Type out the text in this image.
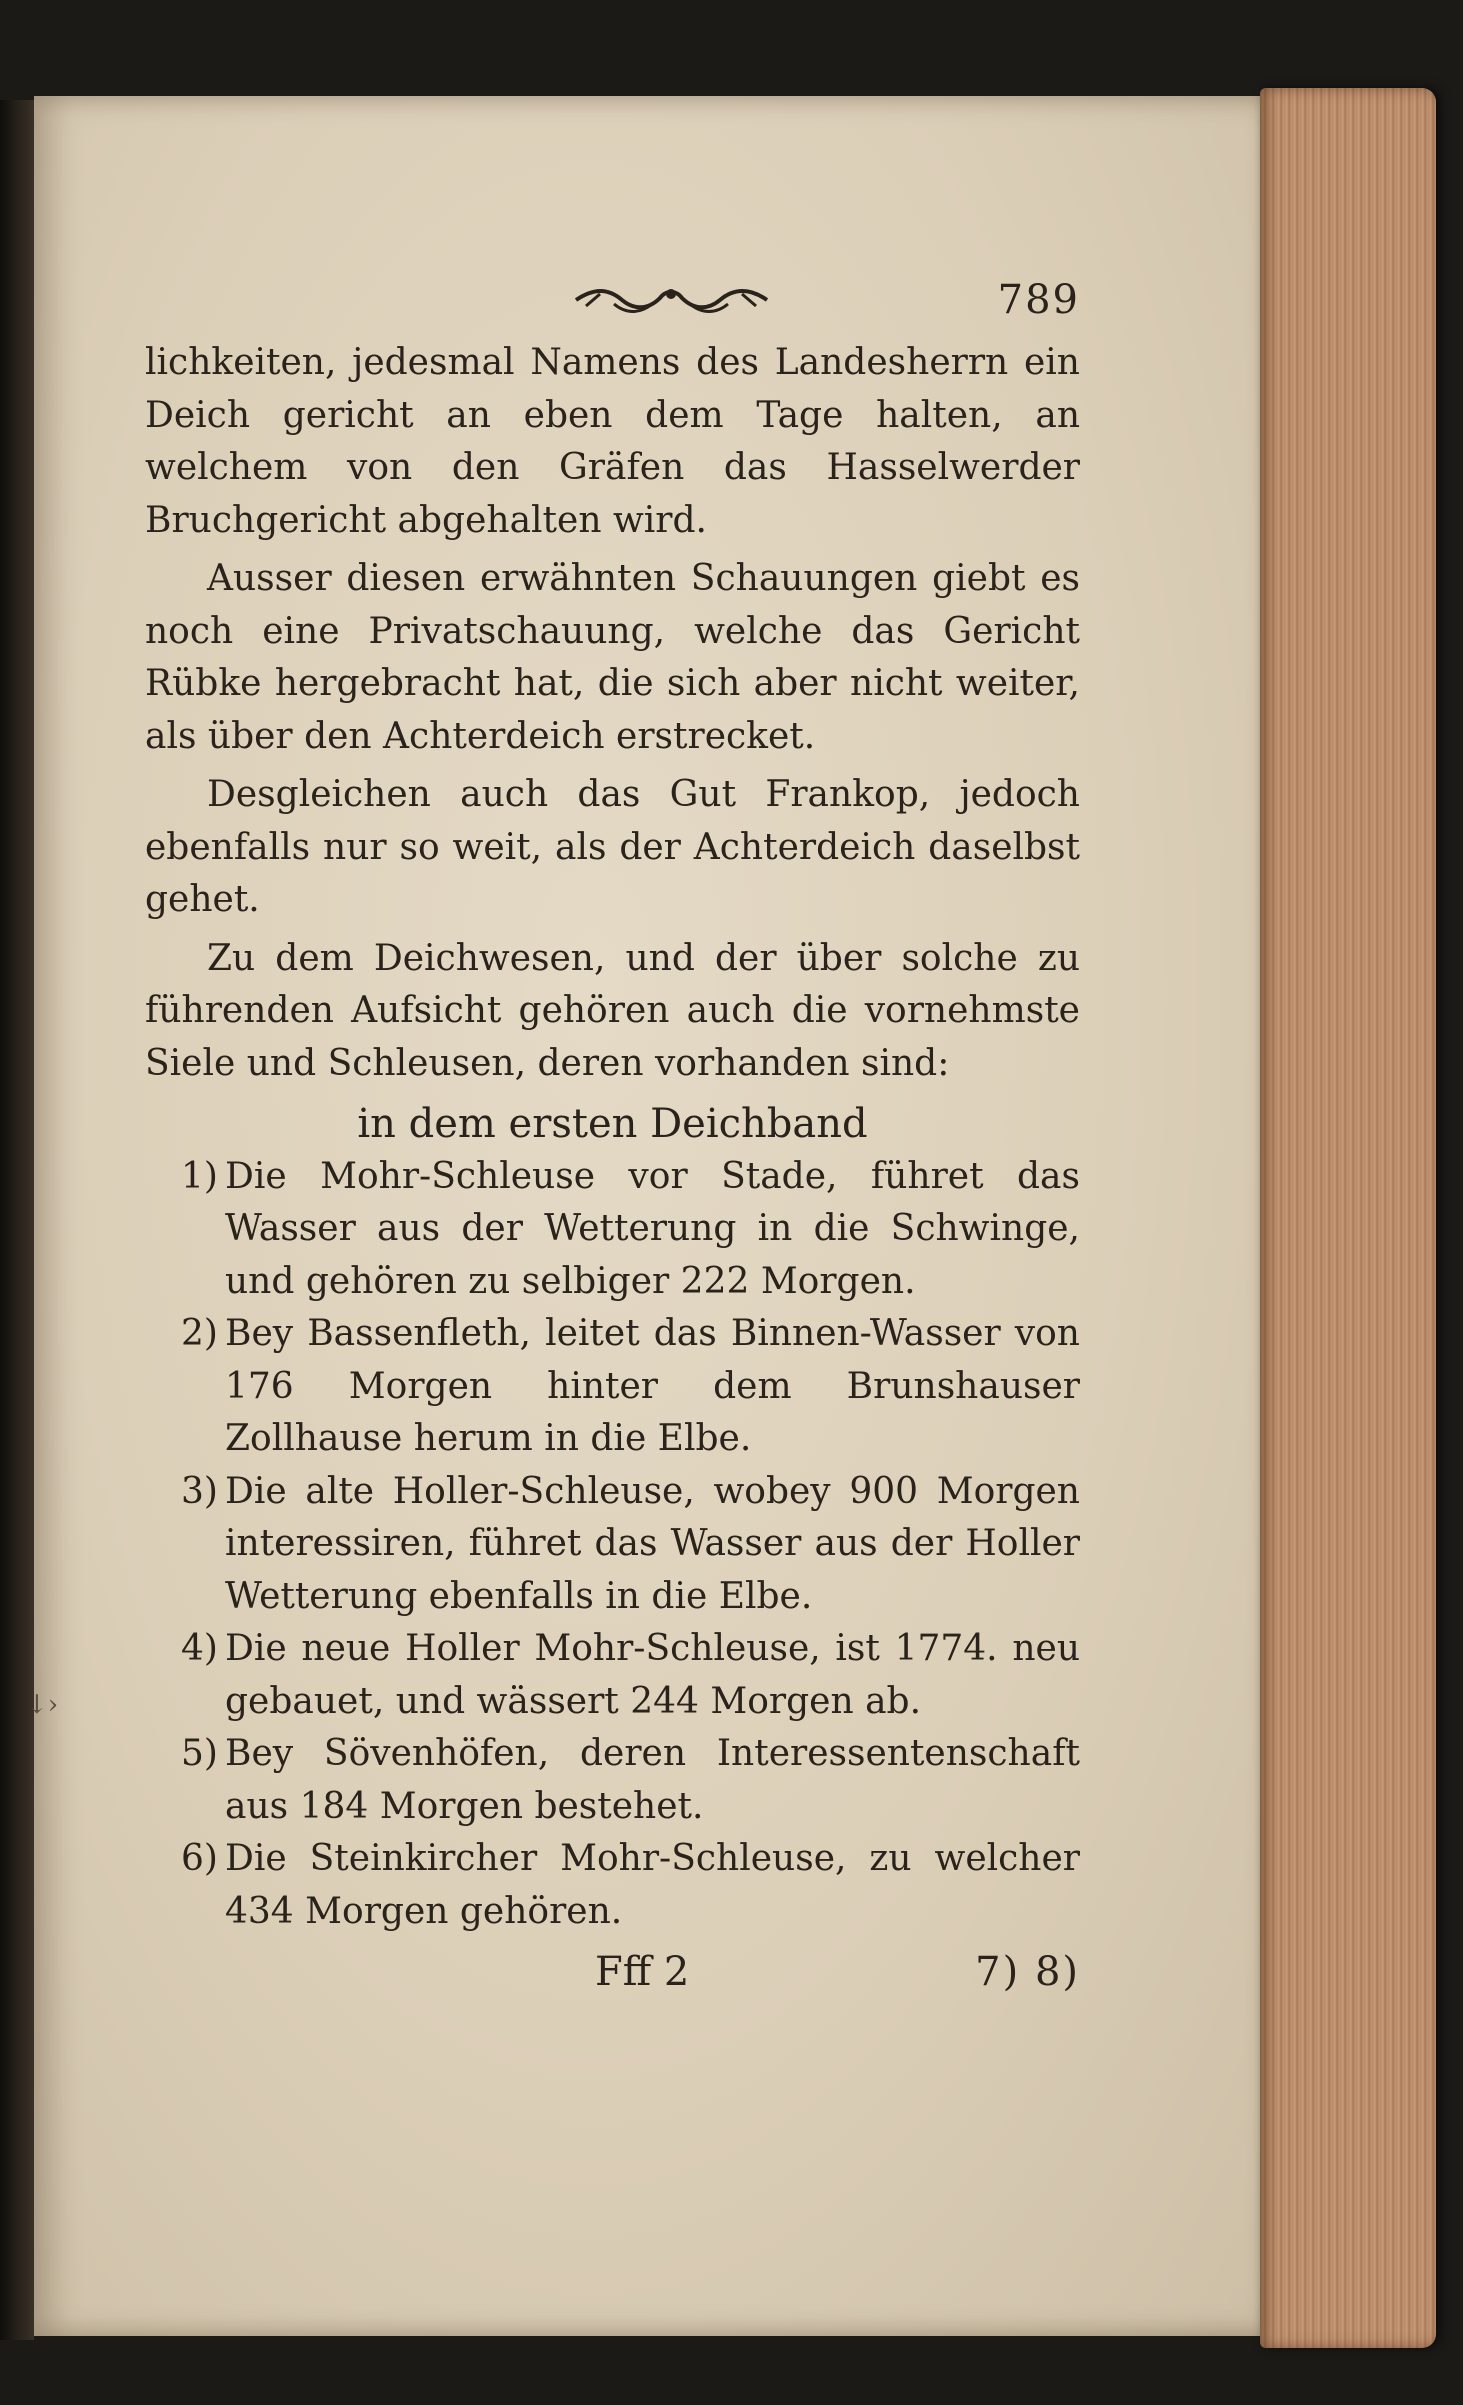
↓›
789

lichkeiten, jedesmal Namens des Landesherrn ein Deich gericht an eben dem Tage halten, an welchem von den Gräfen das Hasselwerder Bruchgericht abgehalten wird.

Ausser diesen erwähnten Schauungen giebt es noch eine Privatschauung, welche das Gericht Rübke hergebracht hat, die sich aber nicht weiter, als über den Achterdeich erstrecket.

Desgleichen auch das Gut Frankop, jedoch ebenfalls nur so weit, als der Achterdeich daselbst gehet.

Zu dem Deichwesen, und der über solche zu führenden Aufsicht gehören auch die vornehmste Siele und Schleusen, deren vorhanden sind:

in dem ersten Deichband
1) Die Mohr-Schleuse vor Stade, führet das Wasser aus der Wetterung in die Schwinge, und gehören zu selbiger 222 Morgen.
2) Bey Bassenfleth, leitet das Binnen-Wasser von 176 Morgen hinter dem Brunshauser Zollhause herum in die Elbe.
3) Die alte Holler-Schleuse, wobey 900 Morgen interessiren, führet das Wasser aus der Holler Wetterung ebenfalls in die Elbe.
4) Die neue Holler Mohr-Schleuse, ist 1774. neu gebauet, und wässert 244 Morgen ab.
5) Bey Sövenhöfen, deren Interessentenschaft aus 184 Morgen bestehet.
6) Die Steinkircher Mohr-Schleuse, zu welcher 434 Morgen gehören.
Fff 2	7) 8)
